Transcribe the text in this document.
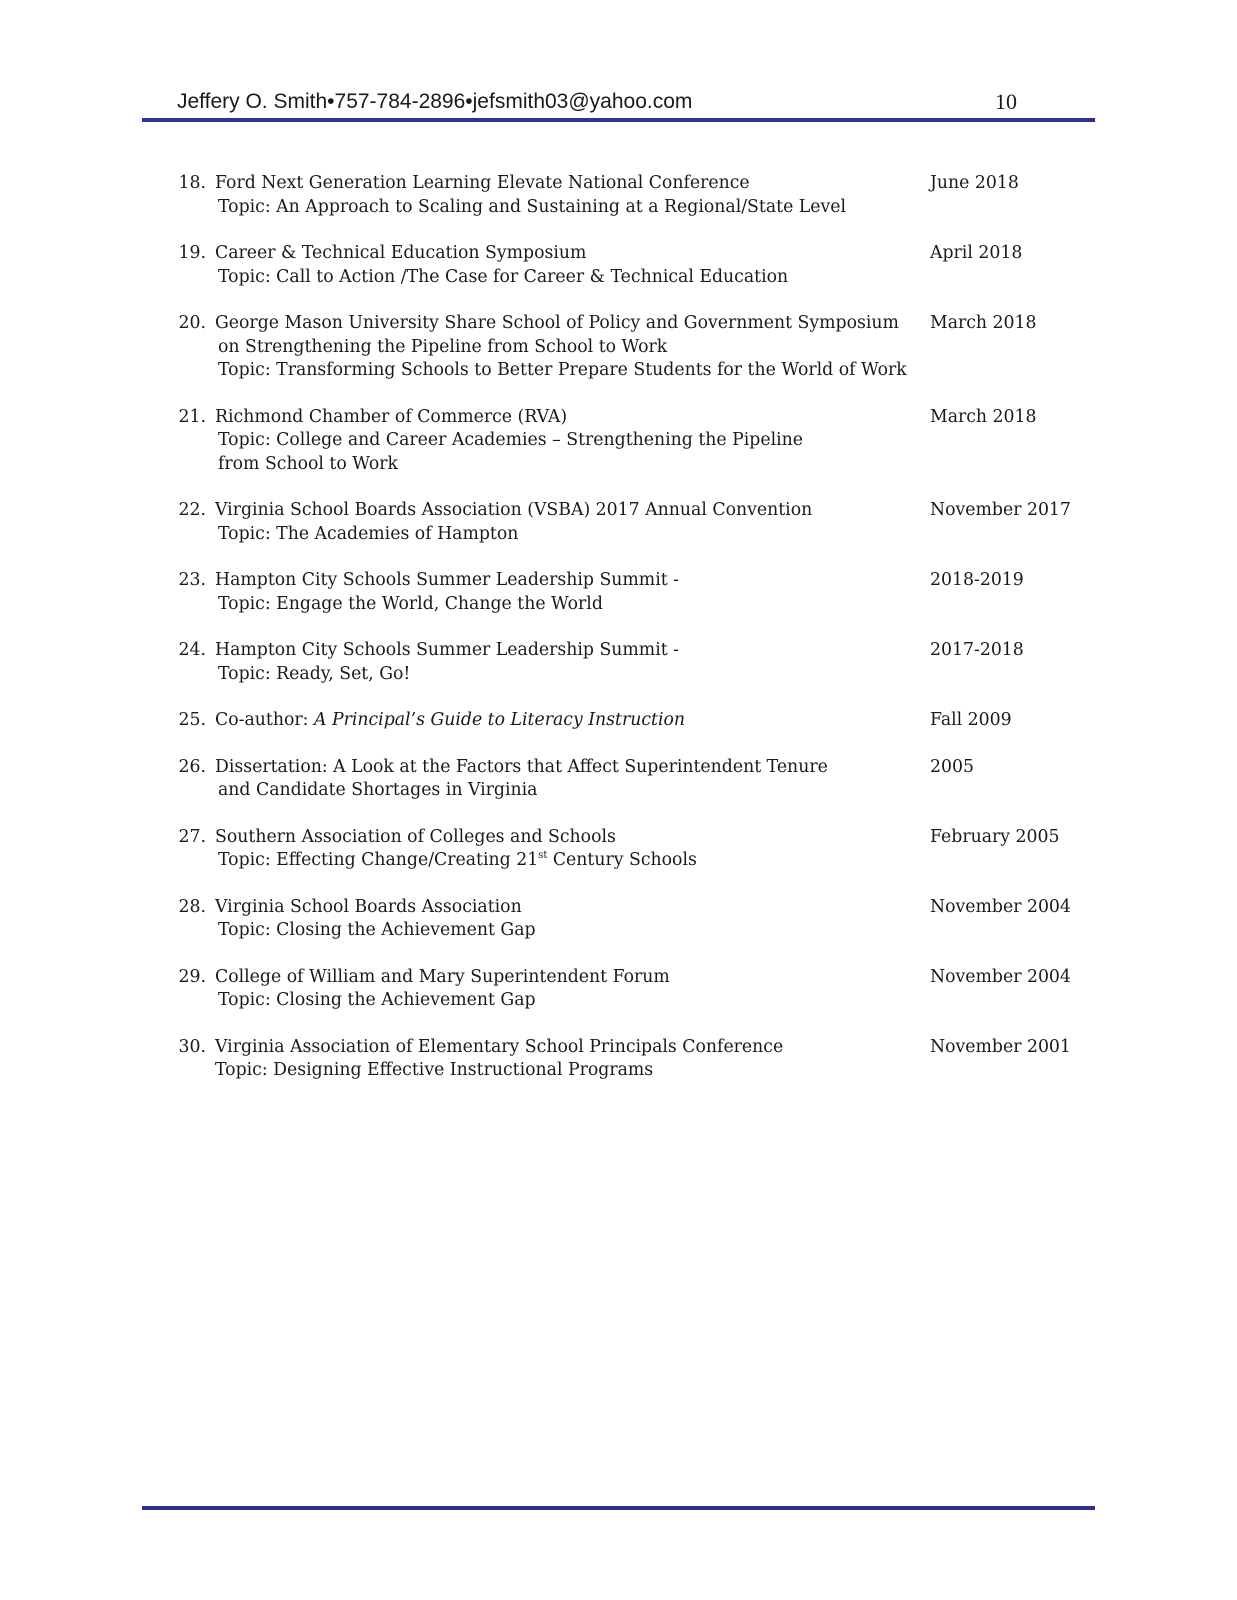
Jeffery O. Smith•757-784-2896•jefsmith03@yahoo.com	10
18. Ford Next Generation Learning Elevate National Conference
Topic: An Approach to Scaling and Sustaining at a Regional/State Level
June 2018
19. Career & Technical Education Symposium
Topic: Call to Action /The Case for Career & Technical Education
April 2018
20. George Mason University Share School of Policy and Government Symposium
on Strengthening the Pipeline from School to Work
Topic: Transforming Schools to Better Prepare Students for the World of Work
March 2018
21. Richmond Chamber of Commerce (RVA)
Topic: College and Career Academies – Strengthening the Pipeline from School to Work
March 2018
22. Virginia School Boards Association (VSBA) 2017 Annual Convention
Topic: The Academies of Hampton
November 2017
23. Hampton City Schools Summer Leadership Summit -
Topic: Engage the World, Change the World
2018-2019
24. Hampton City Schools Summer Leadership Summit -
Topic: Ready, Set, Go!
2017-2018
25. Co-author: A Principal’s Guide to Literacy Instruction	Fall 2009
26. Dissertation: A Look at the Factors that Affect Superintendent Tenure
and Candidate Shortages in Virginia
2005
27. Southern Association of Colleges and Schools
Topic: Effecting Change/Creating 21st Century Schools
February 2005
28. Virginia School Boards Association
Topic: Closing the Achievement Gap
November 2004
29. College of William and Mary Superintendent Forum
Topic: Closing the Achievement Gap
November 2004
30. Virginia Association of Elementary School Principals Conference
Topic: Designing Effective Instructional Programs
November 2001
